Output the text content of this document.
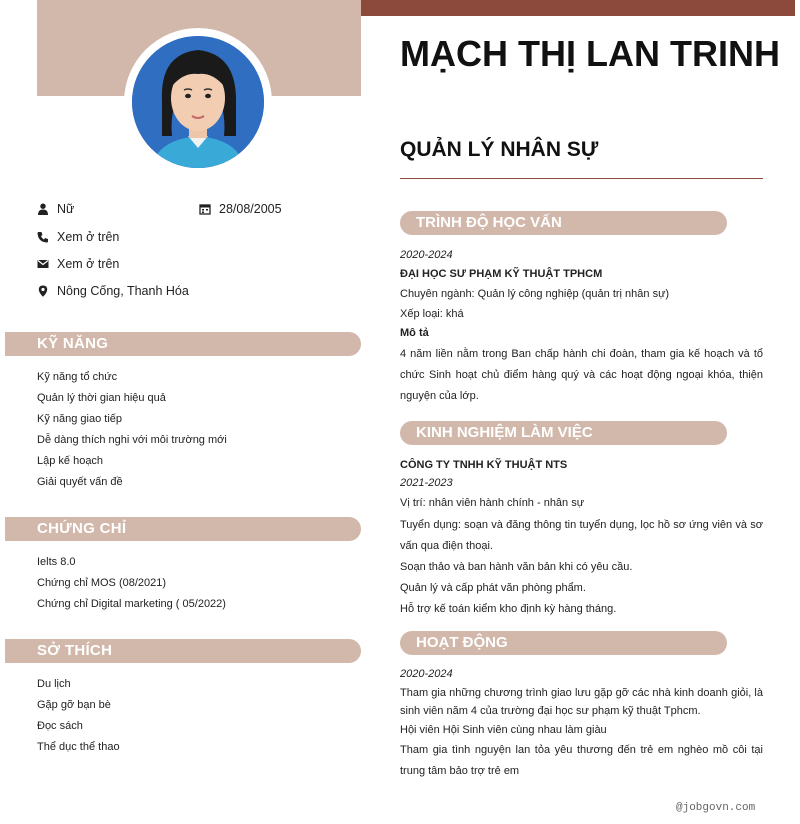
Nữ	28/08/2005
Xem ở trên
Xem ở trên
Nông Cống, Thanh Hóa
KỸ NĂNG
Kỹ năng tổ chức
Quản lý thời gian hiệu quả
Kỹ năng giao tiếp
Dễ dàng thích nghi với môi trường mới
Lập kế hoạch
Giải quyết vấn đề
CHỨNG CHỈ
Ielts 8.0
Chứng chỉ MOS (08/2021)
Chứng chỉ Digital marketing ( 05/2022)
SỞ THÍCH
Du lịch
Gặp gỡ bạn bè
Đọc sách
Thể dục thể thao
MẠCH THỊ LAN TRINH
QUẢN LÝ NHÂN SỰ
TRÌNH ĐỘ HỌC VẤN
2020-2024
ĐẠI HỌC SƯ PHẠM KỸ THUẬT TPHCM
Chuyên ngành: Quản lý công nghiệp (quản trị nhân sự)
Xếp loại: khá
Mô tả
4 năm liền nằm trong Ban chấp hành chi đoàn, tham gia kế hoạch và tổ chức Sinh hoạt chủ điểm hàng quý và các hoạt động ngoại khóa, thiện nguyện của lớp.
KINH NGHIỆM LÀM VIỆC
CÔNG TY TNHH KỸ THUẬT NTS
2021-2023
Vị trí: nhân viên hành chính - nhân sự
Tuyển dụng: soạn và đăng thông tin tuyển dụng, lọc hồ sơ ứng viên và sơ vấn qua điện thoại.
Soạn thảo và ban hành văn bản khi có yêu cầu.
Quản lý và cấp phát văn phòng phẩm.
Hỗ trợ kế toán kiểm kho định kỳ hàng tháng.
HOẠT ĐỘNG
2020-2024
Tham gia những chương trình giao lưu gặp gỡ các nhà kinh doanh giỏi, là sinh viên năm 4 của trường đại học sư phạm kỹ thuật Tphcm.
Hội viên Hội Sinh viên cùng nhau làm giàu
Tham gia tình nguyện lan tỏa yêu thương đến trẻ em nghèo mồ côi tại trung tâm bảo trợ trẻ em
@jobgovn.com
